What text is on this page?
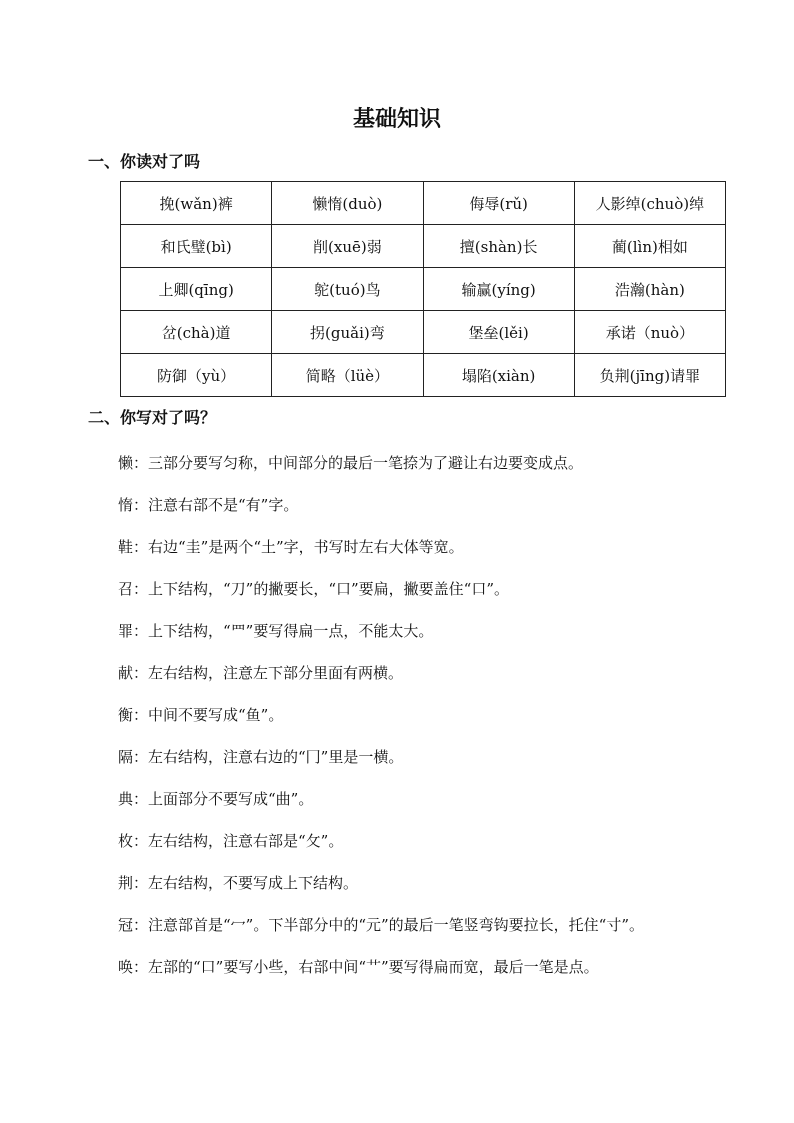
基础知识
一、你读对了吗
挽(wǎn)裤	懒惰(duò)	侮辱(rǔ)	人影绰(chuò)绰
和氏璧(bì)	削(xuē)弱	擅(shàn)长	蔺(lìn)相如
上卿(qīng)	鸵(tuó)鸟	输赢(yíng)	浩瀚(hàn)
岔(chà)道	拐(guǎi)弯	堡垒(lěi)	承诺（nuò）
防御（yù）	简略（lüè）	塌陷(xiàn)	负荆(jīng)请罪
二、你写对了吗？

懒：三部分要写匀称，中间部分的最后一笔捺为了避让右边要变成点。

惰：注意右部不是“有”字。

鞋：右边“圭”是两个“土”字，书写时左右大体等宽。

召：上下结构，“刀”的撇要长，“口”要扁，撇要盖住“口”。

罪：上下结构，“罒”要写得扁一点，不能太大。

献：左右结构，注意左下部分里面有两横。

衡：中间不要写成“鱼”。

隔：左右结构，注意右边的“冂”里是一横。

典：上面部分不要写成“曲”。

枚：左右结构，注意右部是“攵”。

荆：左右结构，不要写成上下结构。

冠：注意部首是“冖”。下半部分中的“元”的最后一笔竖弯钩要拉长，托住“寸”。

唤：左部的“口”要写小些，右部中间“艹”要写得扁而宽，最后一笔是点。
